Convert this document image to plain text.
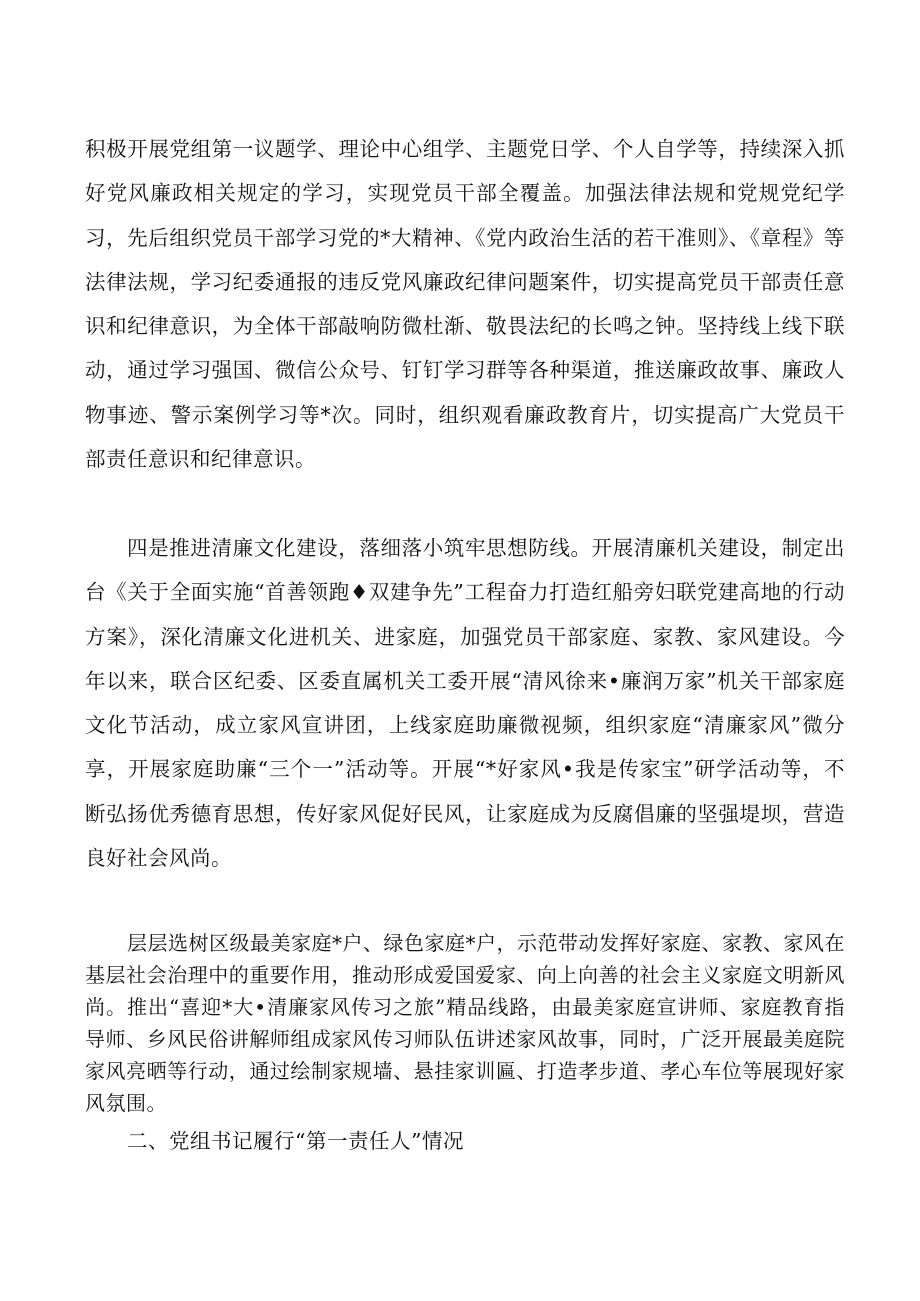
积极开展党组第一议题学、理论中心组学、主题党日学、个人自学等，持续深入抓好党风廉政相关规定的学习，实现党员干部全覆盖。加强法律法规和党规党纪学习，先后组织党员干部学习党的*大精神、《党内政治生活的若干准则》、《章程》等法律法规，学习纪委通报的违反党风廉政纪律问题案件，切实提高党员干部责任意识和纪律意识，为全体干部敲响防微杜渐、敬畏法纪的长鸣之钟。坚持线上线下联动，通过学习强国、微信公众号、钉钉学习群等各种渠道，推送廉政故事、廉政人物事迹、警示案例学习等*次。同时，组织观看廉政教育片，切实提高广大党员干部责任意识和纪律意识。

四是推进清廉文化建设，落细落小筑牢思想防线。开展清廉机关建设，制定出台《关于全面实施“首善领跑♦双建争先”工程奋力打造红船旁妇联党建高地的行动方案》，深化清廉文化进机关、进家庭，加强党员干部家庭、家教、家风建设。今年以来，联合区纪委、区委直属机关工委开展“清风徐来•廉润万家”机关干部家庭文化节活动，成立家风宣讲团，上线家庭助廉微视频，组织家庭“清廉家风”微分享，开展家庭助廉“三个一”活动等。开展“*好家风•我是传家宝”研学活动等，不断弘扬优秀德育思想，传好家风促好民风，让家庭成为反腐倡廉的坚强堤坝，营造良好社会风尚。

层层选树区级最美家庭*户、绿色家庭*户，示范带动发挥好家庭、家教、家风在基层社会治理中的重要作用，推动形成爱国爱家、向上向善的社会主义家庭文明新风尚。推出“喜迎*大•清廉家风传习之旅”精品线路，由最美家庭宣讲师、家庭教育指导师、乡风民俗讲解师组成家风传习师队伍讲述家风故事，同时，广泛开展最美庭院家风亮晒等行动，通过绘制家规墙、悬挂家训匾、打造孝步道、孝心车位等展现好家风氛围。

二、党组书记履行“第一责任人”情况
